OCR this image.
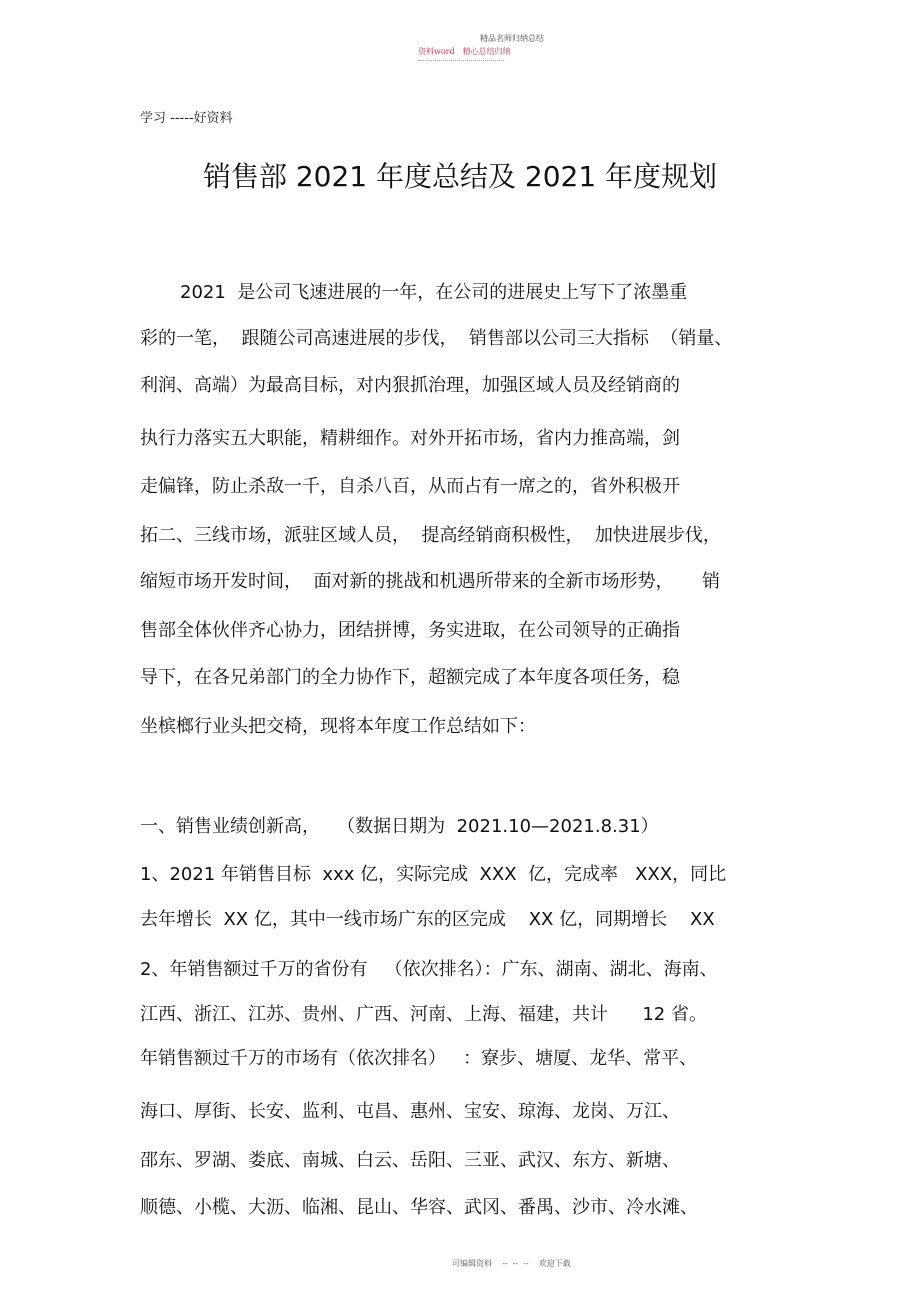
精品名师归纳总结
资料word 精心总结归纳
学习 -----好资料
销售部 2021 年度总结及 2021 年度规划
2021  是公司飞速进展的一年，在公司的进展史上写下了浓墨重
彩的一笔，  跟随公司高速进展的步伐，  销售部以公司三大指标  （销量、
利润、高端）为最高目标，对内狠抓治理，加强区域人员及经销商的
执行力落实五大职能，精耕细作。对外开拓市场，省内力推高端，剑
走偏锋，防止杀敌一千，自杀八百，从而占有一席之的，省外积极开
拓二、三线市场，派驻区域人员，  提高经销商积极性，  加快进展步伐，
缩短市场开发时间，  面对新的挑战和机遇所带来的全新市场形势，     销
售部全体伙伴齐心协力，团结拼博，务实进取，在公司领导的正确指
导下，在各兄弟部门的全力协作下，超额完成了本年度各项任务，稳
坐槟榔行业头把交椅，现将本年度工作总结如下：
一、销售业绩创新高，   （数据日期为  2021.10—2021.8.31）
1、2021 年销售目标  xxx 亿，实际完成  XXX  亿，完成率   XXX，同比
去年增长  XX 亿，其中一线市场广东的区完成    XX 亿，同期增长    XX
2、年销售额过千万的省份有   （依次排名）：广东、湖南、湖北、海南、
江西、浙江、江苏、贵州、广西、河南、上海、福建，共计      12 省。
年销售额过千万的市场有（依次排名）   ：寮步、塘厦、龙华、常平、
海口、厚街、长安、监利、屯昌、惠州、宝安、琼海、龙岗、万江、
邵东、罗湖、娄底、南城、白云、岳阳、三亚、武汉、东方、新塘、
顺德、小榄、大沥、临湘、昆山、华容、武冈、番禺、沙市、冷水滩、
可编辑资料    --  --  --    欢迎下载
